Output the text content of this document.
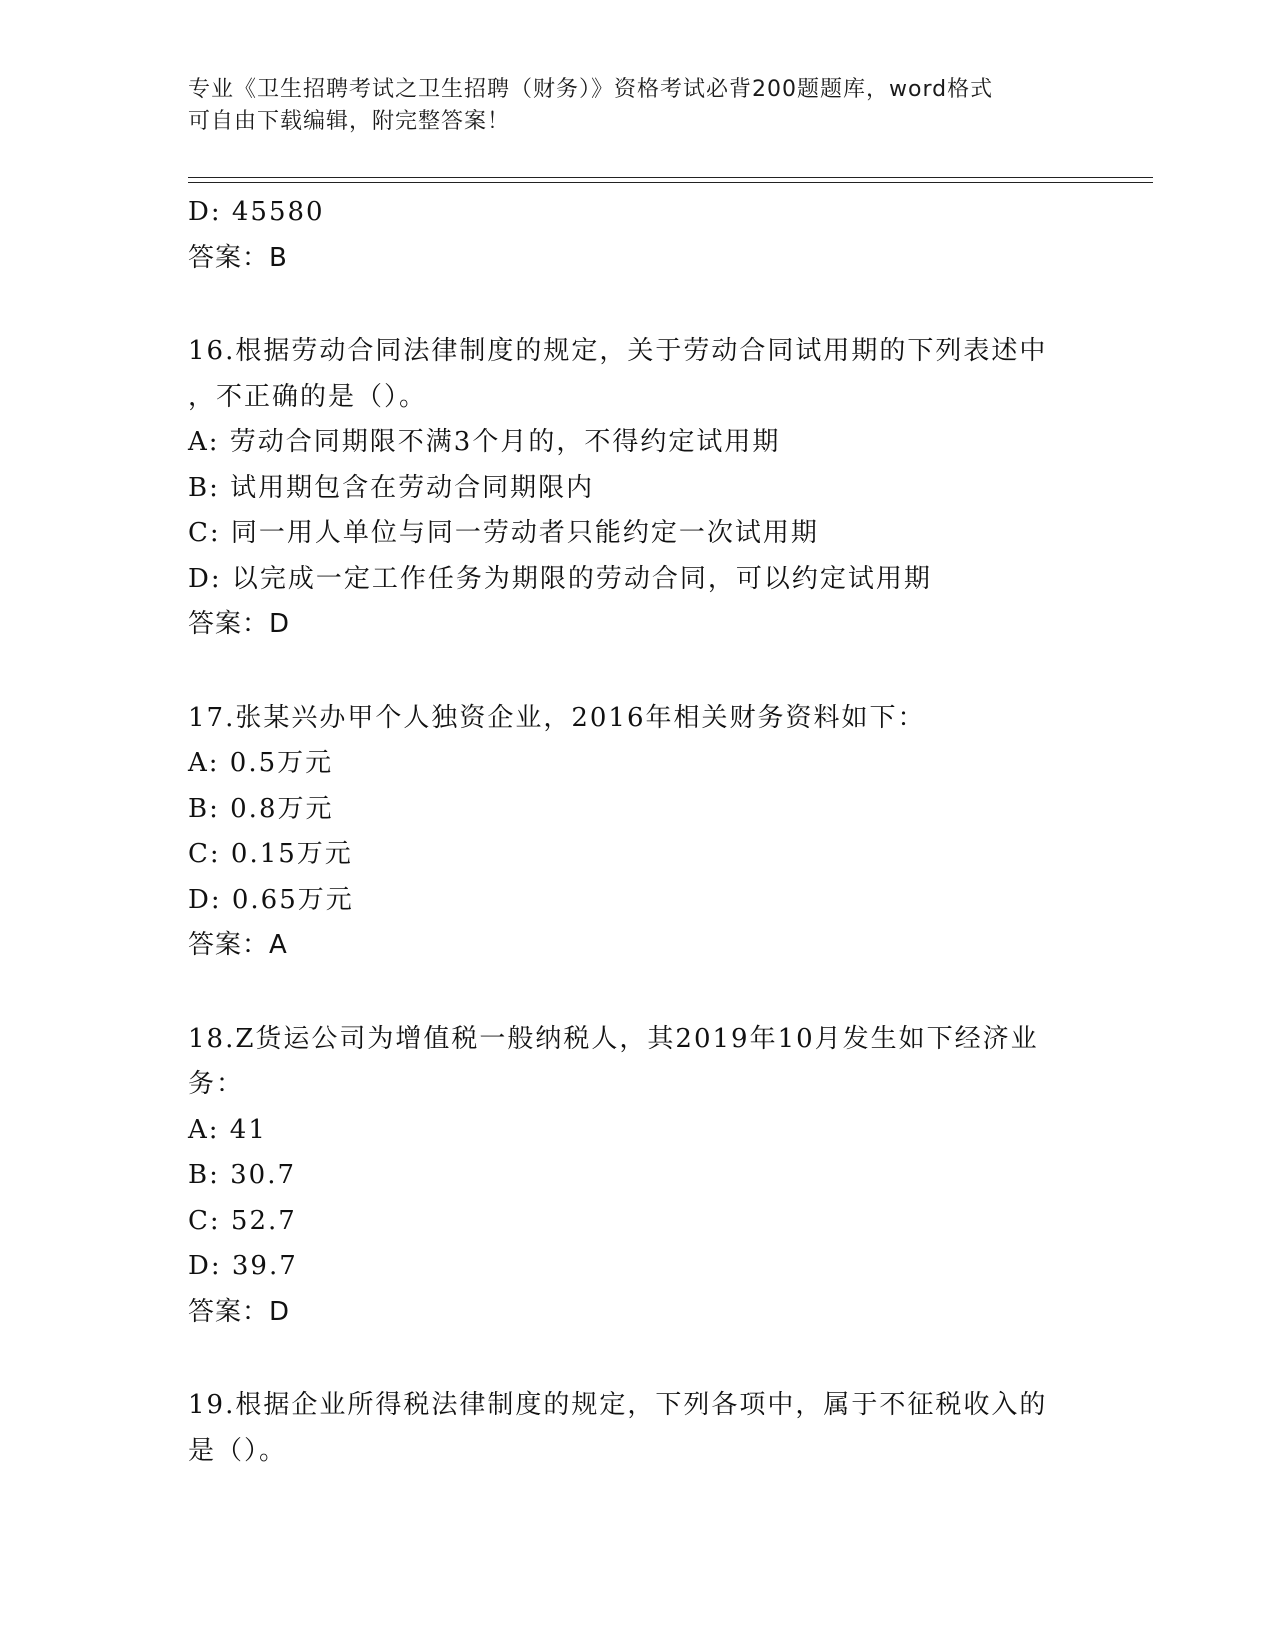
专业《卫生招聘考试之卫生招聘（财务）》资格考试必背200题题库，word格式
可自由下载编辑，附完整答案！
D: 45580
答案：B
16.根据劳动合同法律制度的规定，关于劳动合同试用期的下列表述中
，不正确的是（）。
A: 劳动合同期限不满3个月的，不得约定试用期
B: 试用期包含在劳动合同期限内
C: 同一用人单位与同一劳动者只能约定一次试用期
D: 以完成一定工作任务为期限的劳动合同，可以约定试用期
答案：D
17.张某兴办甲个人独资企业，2016年相关财务资料如下：
A: 0.5万元
B: 0.8万元
C: 0.15万元
D: 0.65万元
答案：A
18.Z货运公司为增值税一般纳税人，其2019年10月发生如下经济业
务：
A: 41
B: 30.7
C: 52.7
D: 39.7
答案：D
19.根据企业所得税法律制度的规定，下列各项中，属于不征税收入的
是（）。
